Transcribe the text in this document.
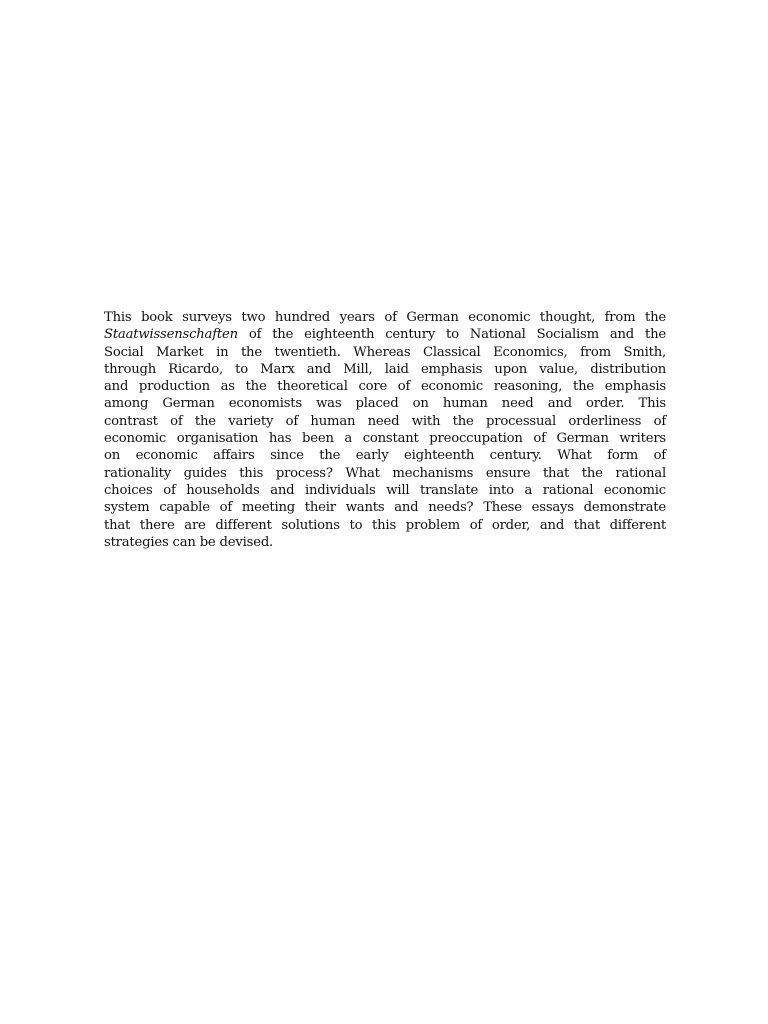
This book surveys two hundred years of German economic thought, from the
Staatwissenschaften of the eighteenth century to National Socialism and the
Social Market in the twentieth. Whereas Classical Economics, from Smith,
through Ricardo, to Marx and Mill, laid emphasis upon value, distribution
and production as the theoretical core of economic reasoning, the emphasis
among German economists was placed on human need and order. This
contrast of the variety of human need with the processual orderliness of
economic organisation has been a constant preoccupation of German writers
on economic affairs since the early eighteenth century. What form of
rationality guides this process? What mechanisms ensure that the rational
choices of households and individuals will translate into a rational economic
system capable of meeting their wants and needs? These essays demonstrate
that there are different solutions to this problem of order, and that different
strategies can be devised.
